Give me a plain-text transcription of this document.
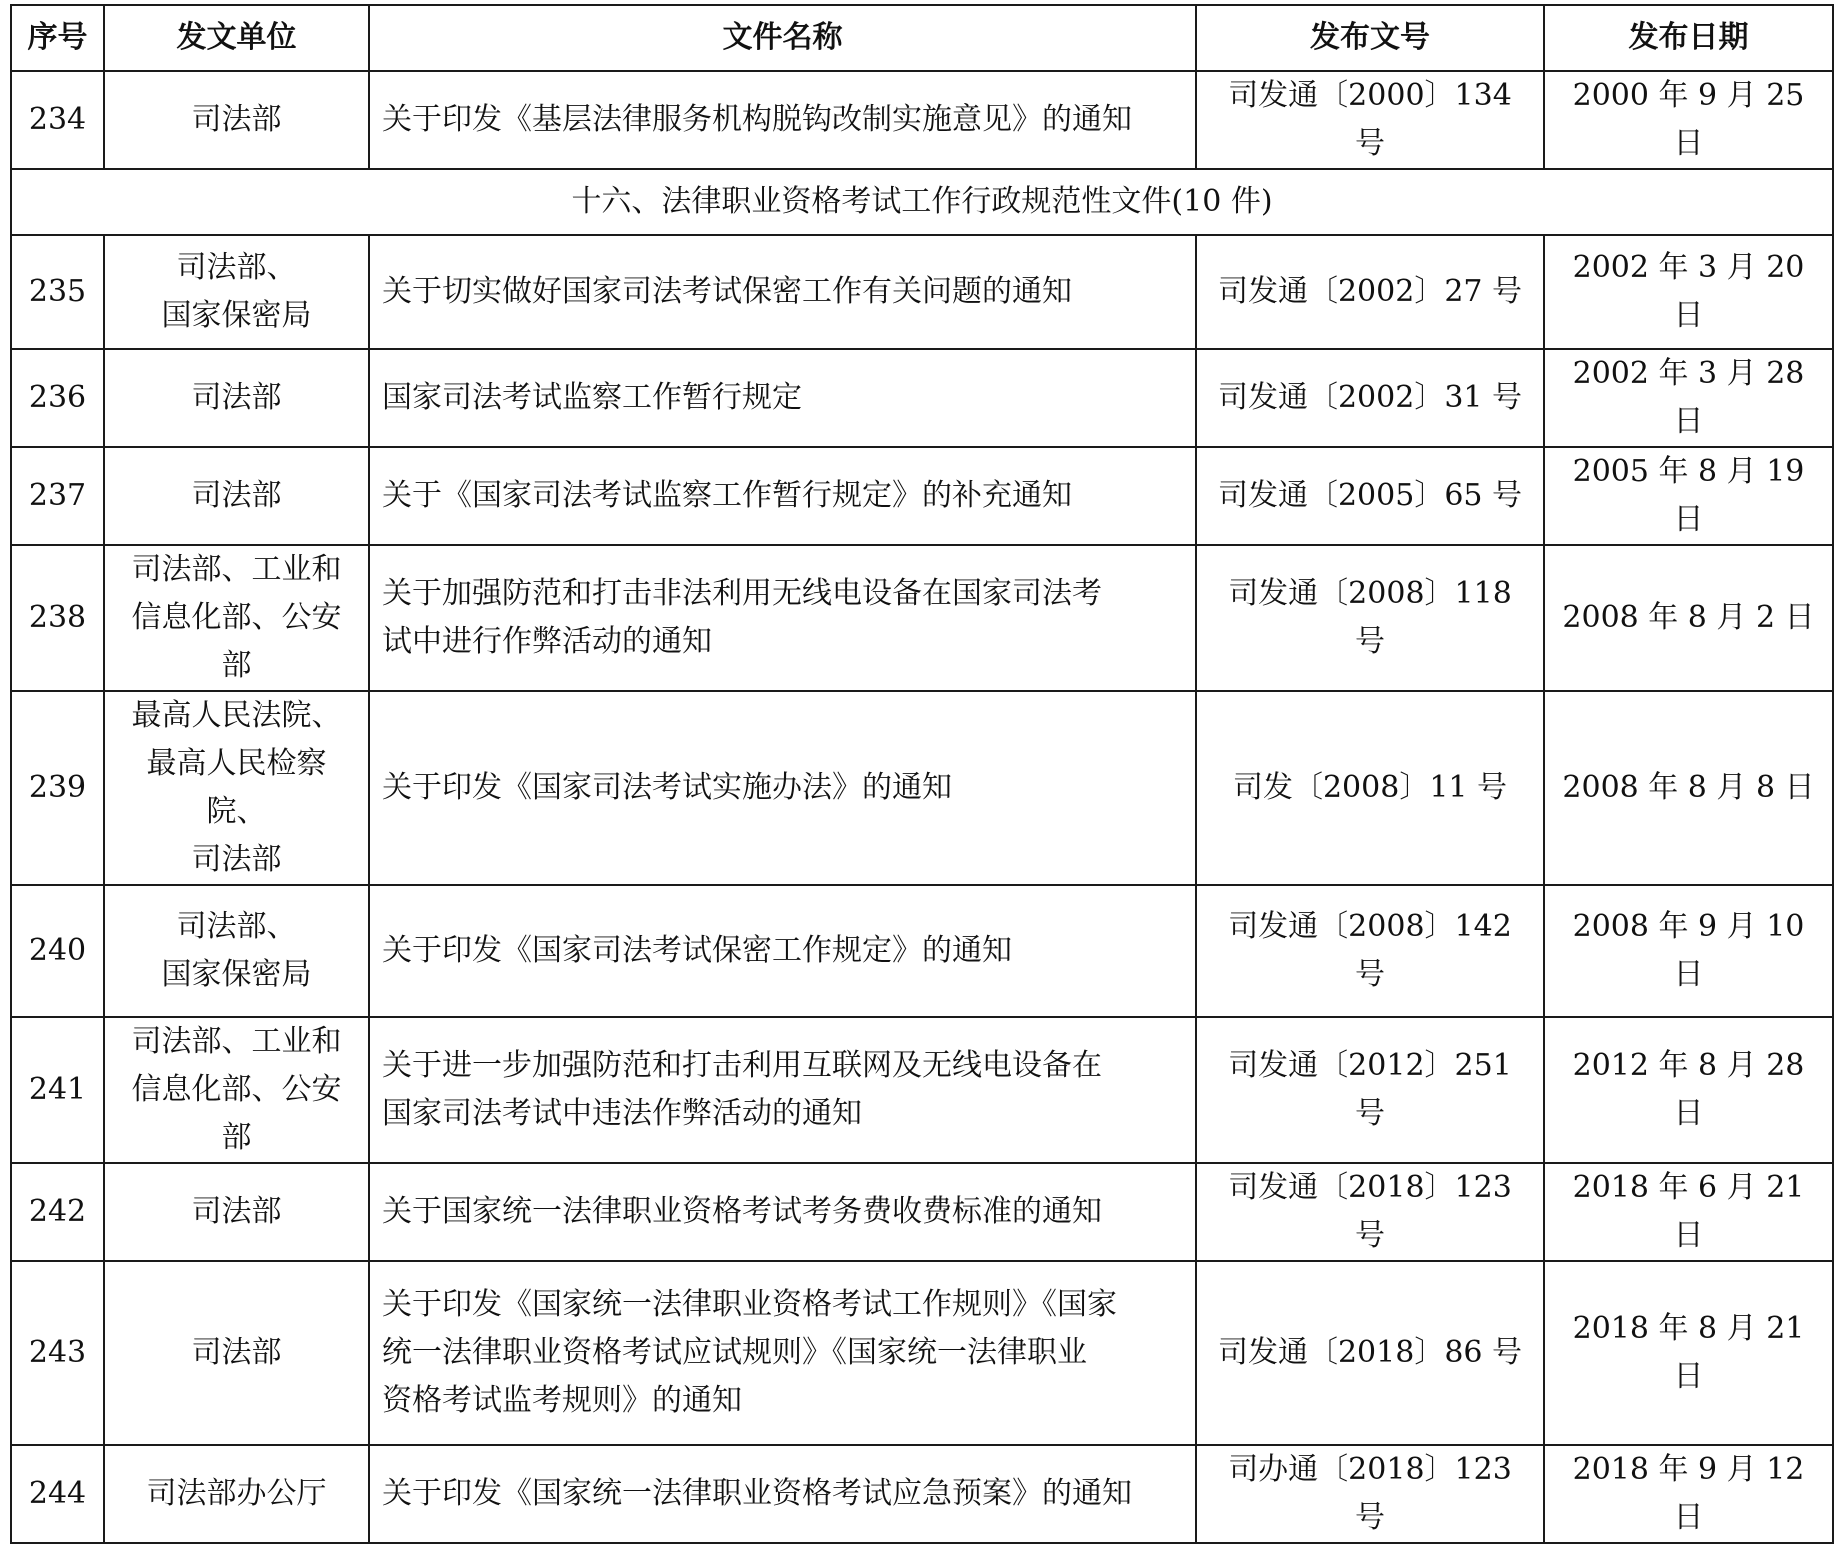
序号	发文单位	文件名称	发布文号	发布日期
234	司法部	关于印发《基层法律服务机构脱钩改制实施意见》的通知	司发通〔2000〕134 号	2000 年 9 月 25 日
十六、法律职业资格考试工作行政规范性文件(10 件)				
235	司法部、
国家保密局	关于切实做好国家司法考试保密工作有关问题的通知	司发通〔2002〕27 号	2002 年 3 月 20 日
236	司法部	国家司法考试监察工作暂行规定	司发通〔2002〕31 号	2002 年 3 月 28 日
237	司法部	关于《国家司法考试监察工作暂行规定》的补充通知	司发通〔2005〕65 号	2005 年 8 月 19 日
238	司法部、工业和
信息化部、公安部	关于加强防范和打击非法利用无线电设备在国家司法考
试中进行作弊活动的通知	司发通〔2008〕118 号	2008 年 8 月 2 日
239	最高人民法院、
最高人民检察院、
司法部	关于印发《国家司法考试实施办法》的通知	司发〔2008〕11 号	2008 年 8 月 8 日
240	司法部、
国家保密局	关于印发《国家司法考试保密工作规定》的通知	司发通〔2008〕142 号	2008 年 9 月 10 日
241	司法部、工业和
信息化部、公安部	关于进一步加强防范和打击利用互联网及无线电设备在
国家司法考试中违法作弊活动的通知	司发通〔2012〕251 号	2012 年 8 月 28 日
242	司法部	关于国家统一法律职业资格考试考务费收费标准的通知	司发通〔2018〕123 号	2018 年 6 月 21 日
243	司法部	关于印发《国家统一法律职业资格考试工作规则》《国家
统一法律职业资格考试应试规则》《国家统一法律职业
资格考试监考规则》的通知	司发通〔2018〕86 号	2018 年 8 月 21 日
244	司法部办公厅	关于印发《国家统一法律职业资格考试应急预案》的通知	司办通〔2018〕123 号	2018 年 9 月 12 日
